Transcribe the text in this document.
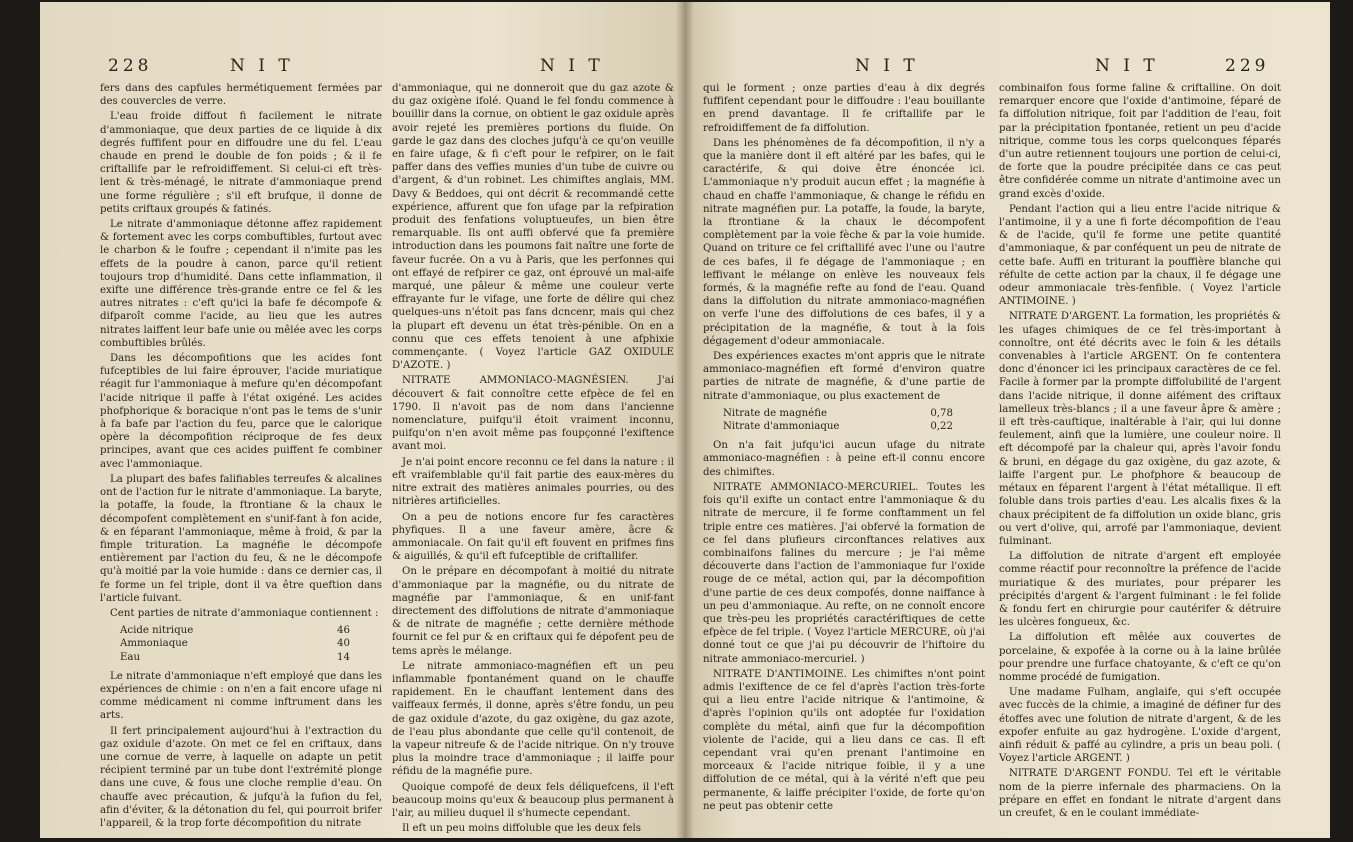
228	N I T	N I T

fers dans des capfules hermétiquement fermées par des couvercles de verre.

L'eau froide diffout fi facilement le nitrate d'ammoniaque, que deux parties de ce liquide à dix degrés fuffifent pour en diffoudre une du fel. L'eau chaude en prend le double de fon poids ; & il fe criftallife par le refroidiffement. Si celui-ci eft très-lent & très-ménagé, le nitrate d'ammoniaque prend une forme régulière ; s'il eft brufque, il donne de petits criftaux groupés & fatinés.

Le nitrate d'ammoniaque détonne affez rapidement & fortement avec les corps combuftibles, furtout avec le charbon & le foufre ; cependant il n'imite pas les effets de la poudre à canon, parce qu'il retient toujours trop d'humidité. Dans cette inflammation, il exifte une différence très-grande entre ce fel & les autres nitrates : c'eft qu'ici la bafe fe décompofe & difparoît comme l'acide, au lieu que les autres nitrates laiffent leur bafe unie ou mêlée avec les corps combuftibles brûlés.

Dans les décompofitions que les acides font fufceptibles de lui faire éprouver, l'acide muriatique réagit fur l'ammoniaque à mefure qu'en décompofant l'acide nitrique il paffe à l'état oxigéné. Les acides phofphorique & boracique n'ont pas le tems de s'unir à fa bafe par l'action du feu, parce que le calorique opère la décompofition réciproque de fes deux principes, avant que ces acides puiffent fe combiner avec l'ammoniaque.

La plupart des bafes falifiables terreufes & alcalines ont de l'action fur le nitrate d'ammoniaque. La baryte, la potaffe, la foude, la ftrontiane & la chaux le décompofent complètement en s'unif-fant à fon acide, & en féparant l'ammoniaque, même à froid, & par la fimple trituration. La magnéfie le décompofe entièrement par l'action du feu, & ne le décompofe qu'à moitié par la voie humide : dans ce dernier cas, il fe forme un fel triple, dont il va être queftion dans l'article fuivant.

Cent parties de nitrate d'ammoniaque contiennent :

Acide nitrique	46
Ammoniaque	40
Eau	14

Le nitrate d'ammoniaque n'eft employé que dans les expériences de chimie : on n'en a fait encore ufage ni comme médicament ni comme inftrument dans les arts.

Il fert principalement aujourd'hui à l'extraction du gaz oxidule d'azote. On met ce fel en criftaux, dans une cornue de verre, à laquelle on adapte un petit récipient terminé par un tube dont l'extrémité plonge dans une cuve, & fous une cloche remplie d'eau. On chauffe avec précaution, & jufqu'à la fufion du fel, afin d'éviter, & la détonation du fel, qui pourroit brifer l'appareil, & la trop forte décompofition du nitrate

d'ammoniaque, qui ne donneroit que du gaz azote & du gaz oxigène ifolé. Quand le fel fondu commence à bouillir dans la cornue, on obtient le gaz oxidule après avoir rejeté les premières portions du fluide. On garde le gaz dans des cloches jufqu'à ce qu'on veuille en faire ufage, & fi c'eft pour le refpirer, on le fait paffer dans des veffies munies d'un tube de cuivre ou d'argent, & d'un robinet. Les chimiftes anglais, MM. Davy & Beddoes, qui ont décrit & recommandé cette expérience, affurent que fon ufage par la refpiration produit des fenfations voluptueufes, un bien être remarquable. Ils ont auffi obfervé que fa première introduction dans les poumons fait naître une forte de faveur fucrée. On a vu à Paris, que les perfonnes qui ont effayé de refpirer ce gaz, ont éprouvé un mal-aife marqué, une pâleur & même une couleur verte effrayante fur le vifage, une forte de délire qui chez quelques-uns n'étoit pas fans dcncenr, mais qui chez la plupart eft devenu un état très-pénible. On en a connu que ces effets tenoient à une afphixie commençante. ( Voyez l'article GAZ OXIDULE D'AZOTE. )

NITRATE AMMONIACO-MAGNÉSIEN. J'ai découvert & fait connoître cette efpèce de fel en 1790. Il n'avoit pas de nom dans l'ancienne nomenclature, puifqu'il étoit vraiment inconnu, puifqu'on n'en avoit même pas foupçonné l'exiftence avant moi.

Je n'ai point encore reconnu ce fel dans la nature : il eft vraifemblable qu'il fait partie des eaux-mères du nitre extrait des matières animales pourries, ou des nitrières artificielles.

On a peu de notions encore fur fes caractères phyfiques. Il a une faveur amère, âcre & ammoniacale. On fait qu'il eft fouvent en prifmes fins & aiguillés, & qu'il eft fufceptible de criftallifer.

On le prépare en décompofant à moitié du nitrate d'ammoniaque par la magnéfie, ou du nitrate de magnéfie par l'ammoniaque, & en unif-fant directement des diffolutions de nitrate d'ammoniaque & de nitrate de magnéfie ; cette dernière méthode fournit ce fel pur & en criftaux qui fe dépofent peu de tems après le mélange.

Le nitrate ammoniaco-magnéfien eft un peu inflammable fpontanément quand on le chauffe rapidement. En le chauffant lentement dans des vaiffeaux fermés, il donne, après s'être fondu, un peu de gaz oxidule d'azote, du gaz oxigène, du gaz azote, de l'eau plus abondante que celle qu'il contenoit, de la vapeur nitreufe & de l'acide nitrique. On n'y trouve plus la moindre trace d'ammoniaque ; il laiffe pour réfidu de la magnéfie pure.

Quoique compofé de deux fels déliquefcens, il l'eft beaucoup moins qu'eux & beaucoup plus permanent à l'air, au milieu duquel il s'humecte cependant.

Il eft un peu moins diffoluble que les deux fels

N I T	N I T	229

qui le forment ; onze parties d'eau à dix degrés fuffifent cependant pour le diffoudre : l'eau bouillante en prend davantage. Il fe criftallife par le refroidiffement de fa diffolution.

Dans les phénomènes de fa décompofition, il n'y a que la manière dont il eft altéré par les bafes, qui le caractérife, & qui doive être énoncée ici. L'ammoniaque n'y produit aucun effet ; la magnéfie à chaud en chaffe l'ammoniaque, & change le réfidu en nitrate magnéfien pur. La potaffe, la foude, la baryte, la ftrontiane & la chaux le décompofent complètement par la voie fèche & par la voie humide. Quand on triture ce fel criftallifé avec l'une ou l'autre de ces bafes, il fe dégage de l'ammoniaque ; en leffivant le mélange on enlève les nouveaux fels formés, & la magnéfie refte au fond de l'eau. Quand dans la diffolution du nitrate ammoniaco-magnéfien on verfe l'une des diffolutions de ces bafes, il y a précipitation de la magnéfie, & tout à la fois dégagement d'odeur ammoniacale.

Des expériences exactes m'ont appris que le nitrate ammoniaco-magnéfien eft formé d'environ quatre parties de nitrate de magnéfie, & d'une partie de nitrate d'ammoniaque, ou plus exactement de

Nitrate de magnéfie	0,78
Nitrate d'ammoniaque	0,22

On n'a fait jufqu'ici aucun ufage du nitrate ammoniaco-magnéfien : à peine eft-il connu encore des chimiftes.

NITRATE AMMONIACO-MERCURIEL. Toutes les fois qu'il exifte un contact entre l'ammoniaque & du nitrate de mercure, il fe forme conftamment un fel triple entre ces matières. J'ai obfervé la formation de ce fel dans plufieurs circonftances relatives aux combinaifons falines du mercure ; je l'ai même découverte dans l'action de l'ammoniaque fur l'oxide rouge de ce métal, action qui, par la décompofition d'une partie de ces deux compofés, donne naiffance à un peu d'ammoniaque. Au refte, on ne connoît encore que très-peu les propriétés caractériftiques de cette efpèce de fel triple. ( Voyez l'article MERCURE, où j'ai donné tout ce que j'ai pu découvrir de l'hiftoire du nitrate ammoniaco-mercuriel. )

NITRATE D'ANTIMOINE. Les chimiftes n'ont point admis l'exiftence de ce fel d'après l'action très-forte qui a lieu entre l'acide nitrique & l'antimoine, & d'après l'opinion qu'ils ont adoptée fur l'oxidation complète du métal, ainfi que fur la décompofition violente de l'acide, qui a lieu dans ce cas. Il eft cependant vrai qu'en prenant l'antimoine en morceaux & l'acide nitrique foible, il y a une diffolution de ce métal, qui à la vérité n'eft que peu permanente, & laiffe précipiter l'oxide, de forte qu'on ne peut pas obtenir cette

combinaifon fous forme faline & criftalline. On doit remarquer encore que l'oxide d'antimoine, féparé de fa diffolution nitrique, foit par l'addition de l'eau, foit par la précipitation fpontanée, retient un peu d'acide nitrique, comme tous les corps quelconques féparés d'un autre retiennent toujours une portion de celui-ci, de forte que la poudre précipitée dans ce cas peut être confidérée comme un nitrate d'antimoine avec un grand excès d'oxide.

Pendant l'action qui a lieu entre l'acide nitrique & l'antimoine, il y a une fi forte décompofition de l'eau & de l'acide, qu'il fe forme une petite quantité d'ammoniaque, & par conféquent un peu de nitrate de cette bafe. Auffi en triturant la pouffière blanche qui réfulte de cette action par la chaux, il fe dégage une odeur ammoniacale très-fenfible. ( Voyez l'article ANTIMOINE. )

NITRATE D'ARGENT. La formation, les propriétés & les ufages chimiques de ce fel très-important à connoître, ont été décrits avec le foin & les détails convenables à l'article ARGENT. On fe contentera donc d'énoncer ici les principaux caractères de ce fel. Facile à former par la prompte diffolubilité de l'argent dans l'acide nitrique, il donne aifément des criftaux lamelleux très-blancs ; il a une faveur âpre & amère ; il eft très-cauftique, inaltérable à l'air, qui lui donne feulement, ainfi que la lumière, une couleur noire. Il eft décompofé par la chaleur qui, après l'avoir fondu & bruni, en dégage du gaz oxigène, du gaz azote, & laiffe l'argent pur. Le phofphore & beaucoup de métaux en féparent l'argent à l'état métallique. Il eft foluble dans trois parties d'eau. Les alcalis fixes & la chaux précipitent de fa diffolution un oxide blanc, gris ou vert d'olive, qui, arrofé par l'ammoniaque, devient fulminant.

La diffolution de nitrate d'argent eft employée comme réactif pour reconnoître la préfence de l'acide muriatique & des muriates, pour préparer les précipités d'argent & l'argent fulminant : le fel folide & fondu fert en chirurgie pour cautérifer & détruire les ulcères fongueux, &c.

La diffolution eft mêlée aux couvertes de porcelaine, & expofée à la corne ou à la laine brûlée pour prendre une furface chatoyante, & c'eft ce qu'on nomme procédé de fumigation.

Une madame Fulham, anglaife, qui s'eft occupée avec fuccès de la chimie, a imaginé de définer fur des étoffes avec une folution de nitrate d'argent, & de les expofer enfuite au gaz hydrogène. L'oxide d'argent, ainfi réduit & paffé au cylindre, a pris un beau poli. ( Voyez l'article ARGENT. )

NITRATE D'ARGENT FONDU. Tel eft le véritable nom de la pierre infernale des pharmaciens. On la prépare en effet en fondant le nitrate d'argent dans un creufet, & en le coulant immédiate-
